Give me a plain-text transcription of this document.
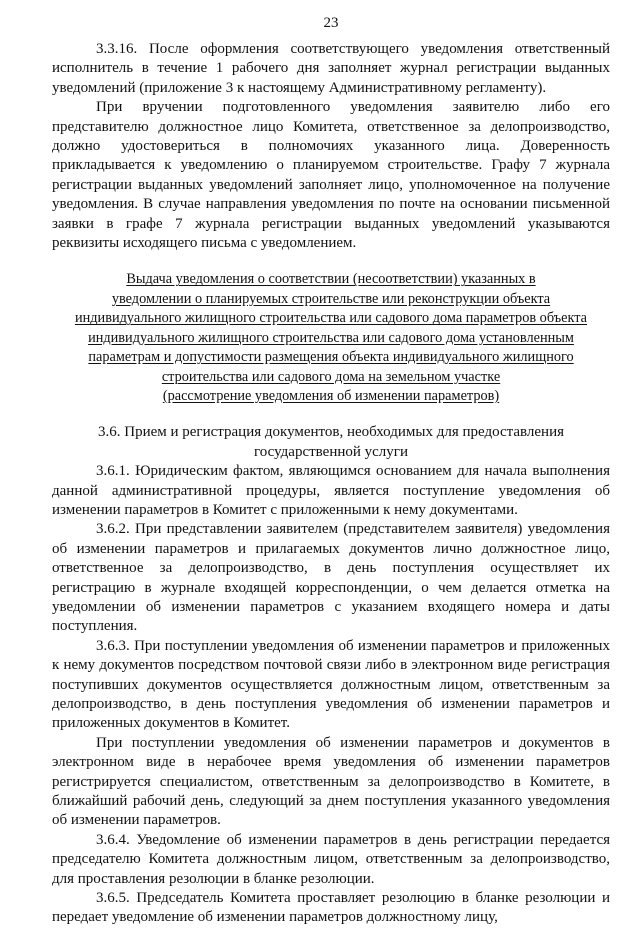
23

3.3.16. После оформления соответствующего уведомления ответственный исполнитель в течение 1 рабочего дня заполняет журнал регистрации выданных уведомлений (приложение 3 к настоящему Административному регламенту).

При вручении подготовленного уведомления заявителю либо его представителю должностное лицо Комитета, ответственное за делопроизводство, должно удостовериться в полномочиях указанного лица. Доверенность прикладывается к уведомлению о планируемом строительстве. Графу 7 журнала регистрации выданных уведомлений заполняет лицо, уполномоченное на получение уведомления. В случае направления уведомления по почте на основании письменной заявки в графе 7 журнала регистрации выданных уведомлений указываются реквизиты исходящего письма с уведомлением.

Выдача уведомления о соответствии (несоответствии) указанных в
уведомлении о планируемых строительстве или реконструкции объекта
индивидуального жилищного строительства или садового дома параметров объекта
индивидуального жилищного строительства или садового дома установленным
параметрам и допустимости размещения объекта индивидуального жилищного
строительства или садового дома на земельном участке
(рассмотрение уведомления об изменении параметров)

3.6. Прием и регистрация документов, необходимых для предоставления
государственной услуги

3.6.1. Юридическим фактом, являющимся основанием для начала выполнения данной административной процедуры, является поступление уведомления об изменении параметров в Комитет с приложенными к нему документами.

3.6.2. При представлении заявителем (представителем заявителя) уведомления об изменении параметров и прилагаемых документов лично должностное лицо, ответственное за делопроизводство, в день поступления осуществляет их регистрацию в журнале входящей корреспонденции, о чем делается отметка на уведомлении об изменении параметров с указанием входящего номера и даты поступления.

3.6.3. При поступлении уведомления об изменении параметров и приложенных к нему документов посредством почтовой связи либо в электронном виде регистрация поступивших документов осуществляется должностным лицом, ответственным за делопроизводство, в день поступления уведомления об изменении параметров и приложенных документов в Комитет.

При поступлении уведомления об изменении параметров и документов в электронном виде в нерабочее время уведомления об изменении параметров регистрируется специалистом, ответственным за делопроизводство в Комитете, в ближайший рабочий день, следующий за днем поступления указанного уведомления об изменении параметров.

3.6.4. Уведомление об изменении параметров в день регистрации передается председателю Комитета должностным лицом, ответственным за делопроизводство, для проставления резолюции в бланке резолюции.

3.6.5. Председатель Комитета проставляет резолюцию в бланке резолюции и передает уведомление об изменении параметров должностному лицу,
